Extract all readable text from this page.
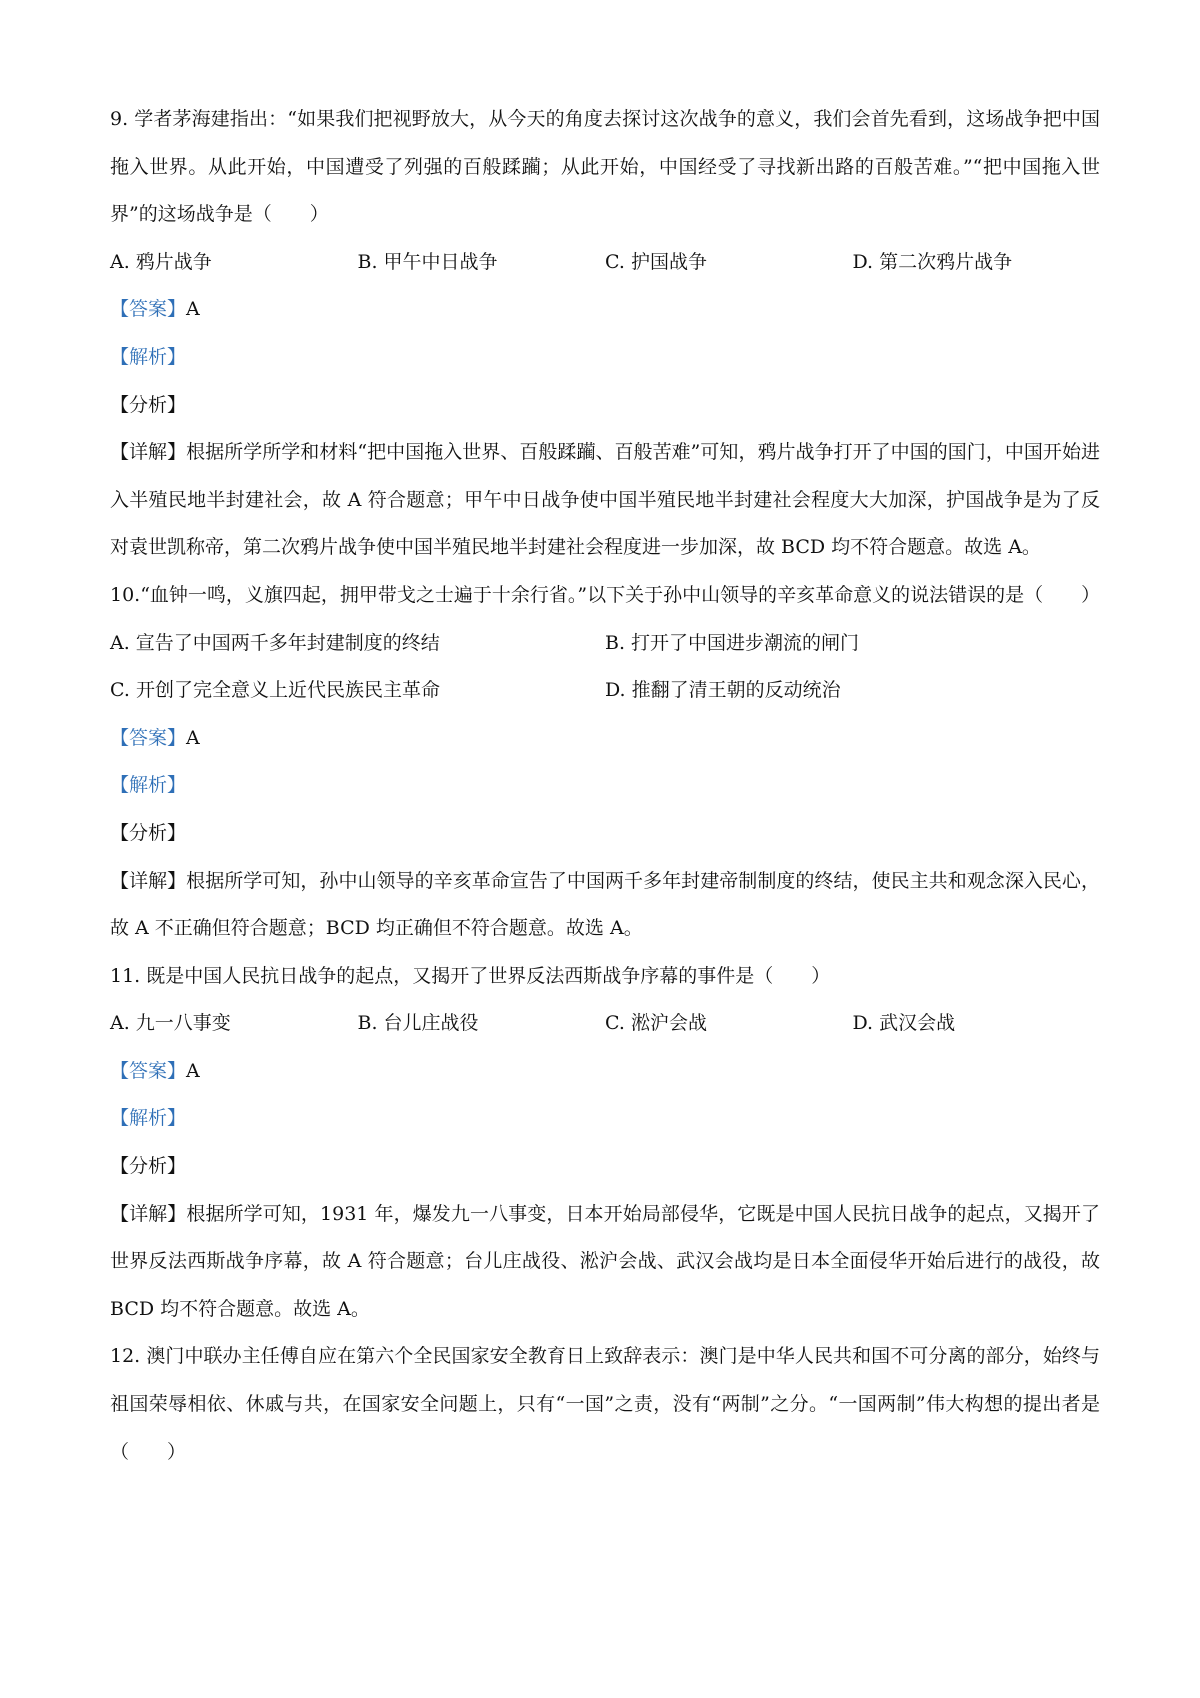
9. 学者茅海建指出：“如果我们把视野放大，从今天的角度去探讨这次战争的意义，我们会首先看到，这场战争把中国拖入世界。从此开始，中国遭受了列强的百般蹂躏；从此开始，中国经受了寻找新出路的百般苦难。”“把中国拖入世界”的这场战争是（　　）

A. 鸦片战争	B. 甲午中日战争	C. 护国战争	D. 第二次鸦片战争
【答案】A
【解析】
【分析】

【详解】根据所学所学和材料“把中国拖入世界、百般蹂躏、百般苦难”可知，鸦片战争打开了中国的国门，中国开始进入半殖民地半封建社会，故 A 符合题意；甲午中日战争使中国半殖民地半封建社会程度大大加深，护国战争是为了反对袁世凯称帝，第二次鸦片战争使中国半殖民地半封建社会程度进一步加深，故 BCD 均不符合题意。故选 A。

10.“血钟一鸣，义旗四起，拥甲带戈之士遍于十余行省。”以下关于孙中山领导的辛亥革命意义的说法错误的是（　　）

A. 宣告了中国两千多年封建制度的终结	B. 打开了中国进步潮流的闸门
C. 开创了完全意义上近代民族民主革命	D. 推翻了清王朝的反动统治
【答案】A
【解析】
【分析】

【详解】根据所学可知，孙中山领导的辛亥革命宣告了中国两千多年封建帝制制度的终结，使民主共和观念深入民心，故 A 不正确但符合题意；BCD 均正确但不符合题意。故选 A。

11. 既是中国人民抗日战争的起点，又揭开了世界反法西斯战争序幕的事件是（　　）

A. 九一八事变	B. 台儿庄战役	C. 淞沪会战	D. 武汉会战
【答案】A
【解析】
【分析】

【详解】根据所学可知，1931 年，爆发九一八事变，日本开始局部侵华，它既是中国人民抗日战争的起点，又揭开了世界反法西斯战争序幕，故 A 符合题意；台儿庄战役、淞沪会战、武汉会战均是日本全面侵华开始后进行的战役，故 BCD 均不符合题意。故选 A。

12. 澳门中联办主任傅自应在第六个全民国家安全教育日上致辞表示：澳门是中华人民共和国不可分离的部分，始终与祖国荣辱相依、休戚与共，在国家安全问题上，只有“一国”之责，没有“两制”之分。“一国两制”伟大构想的提出者是（　　）
